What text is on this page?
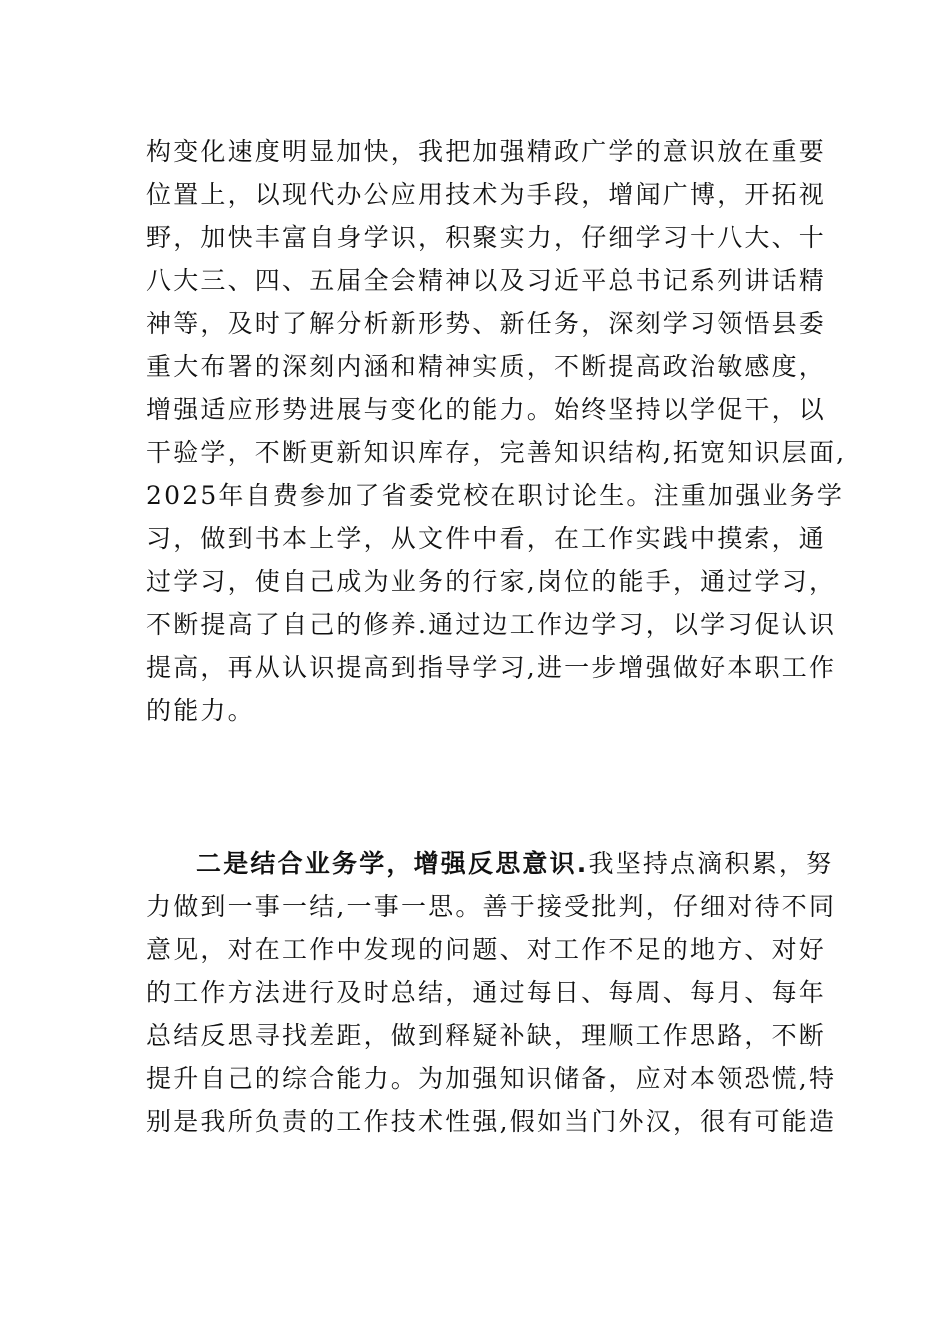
构变化速度明显加快，我把加强精政广学的意识放在重要
位置上，以现代办公应用技术为手段，增闻广博，开拓视
野，加快丰富自身学识，积聚实力，仔细学习十八大、十
八大三、四、五届全会精神以及习近平总书记系列讲话精
神等，及时了解分析新形势、新任务，深刻学习领悟县委
重大布署的深刻内涵和精神实质，不断提高政治敏感度，
增强适应形势进展与变化的能力。始终坚持以学促干，以
干验学，不断更新知识库存，完善知识结构,拓宽知识层面,
2025年自费参加了省委党校在职讨论生。注重加强业务学
习，做到书本上学，从文件中看，在工作实践中摸索，通
过学习，使自己成为业务的行家,岗位的能手，通过学习，
不断提高了自己的修养.通过边工作边学习，以学习促认识
提高，再从认识提高到指导学习,进一步增强做好本职工作
的能力。
二是结合业务学，增强反思意识.我坚持点滴积累，努
力做到一事一结,一事一思。善于接受批判，仔细对待不同
意见，对在工作中发现的问题、对工作不足的地方、对好
的工作方法进行及时总结，通过每日、每周、每月、每年
总结反思寻找差距，做到释疑补缺，理顺工作思路，不断
提升自己的综合能力。为加强知识储备，应对本领恐慌,特
别是我所负责的工作技术性强,假如当门外汉，很有可能造
